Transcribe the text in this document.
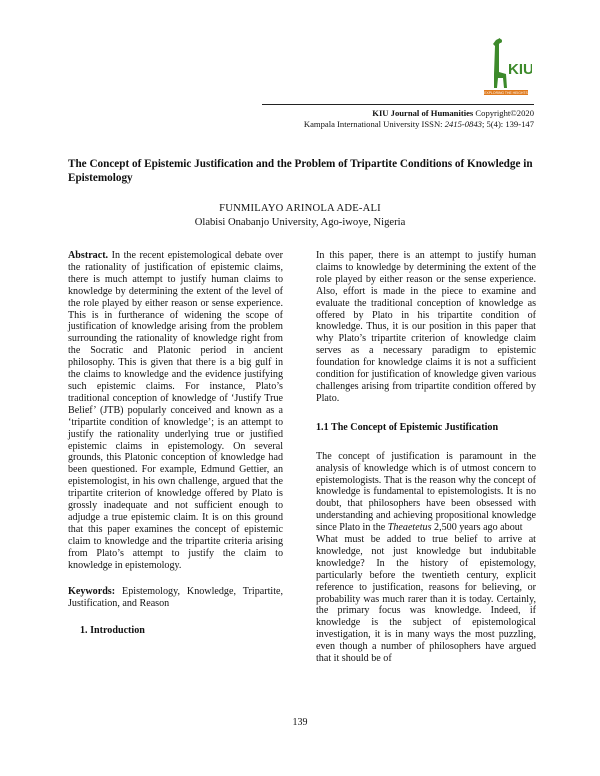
KIU
EXPLORING THE HEIGHTS
KIU Journal of Humanities Copyright©2020
Kampala International University ISSN: 2415-0843; 5(4): 139-147
The Concept of Epistemic Justification and the Problem of Tripartite Conditions of Knowledge in Epistemology
FUNMILAYO ARINOLA ADE-ALI
Olabisi Onabanjo University, Ago-iwoye, Nigeria

Abstract. In the recent epistemological debate over the rationality of justification of epistemic claims, there is much attempt to justify human claims to knowledge by determining the extent of the level of the role played by either reason or sense experience. This is in furtherance of widening the scope of justification of knowledge arising from the problem surrounding the rationality of knowledge right from the Socratic and Platonic period in ancient philosophy. This is given that there is a big gulf in the claims to knowledge and the evidence justifying such epistemic claims. For instance, Plato’s traditional conception of knowledge of ‘Justify True Belief’ (JTB) popularly conceived and known as a ‘tripartite condition of knowledge’; is an attempt to justify the rationality underlying true or justified epistemic claims in epistemology. On several grounds, this Platonic conception of knowledge had been questioned. For example, Edmund Gettier, an epistemologist, in his own challenge, argued that the tripartite criterion of knowledge offered by Plato is grossly inadequate and not sufficient enough to adjudge a true epistemic claim. It is on this ground that this paper examines the concept of epistemic claim to knowledge and the tripartite criteria arising from Plato’s attempt to justify the claim to knowledge in epistemology.

Keywords: Epistemology, Knowledge, Tripartite, Justification, and Reason

1. Introduction

In this paper, there is an attempt to justify human claims to knowledge by determining the extent of the role played by either reason or the sense experience. Also, effort is made in the piece to examine and evaluate the traditional conception of knowledge as offered by Plato in his tripartite condition of knowledge. Thus, it is our position in this paper that why Plato’s tripartite criterion of knowledge claim serves as a necessary paradigm to epistemic foundation for knowledge claims it is not a sufficient condition for justification of knowledge given various challenges arising from tripartite condition offered by Plato.

1.1 The Concept of Epistemic Justification

The concept of justification is paramount in the analysis of knowledge which is of utmost concern to epistemologists. That is the reason why the concept of knowledge is fundamental to epistemologists. It is no doubt, that philosophers have been obsessed with understanding and achieving propositional knowledge since Plato in the Theaetetus 2,500 years ago about

What must be added to true belief to arrive at knowledge, not just knowledge but indubitable knowledge? In the history of epistemology, particularly before the twentieth century, explicit reference to justification, reasons for believing, or probability was much rarer than it is today. Certainly, the primary focus was knowledge. Indeed, if knowledge is the subject of epistemological investigation, it is in many ways the most puzzling, even though a number of philosophers have argued that it should be of

139
